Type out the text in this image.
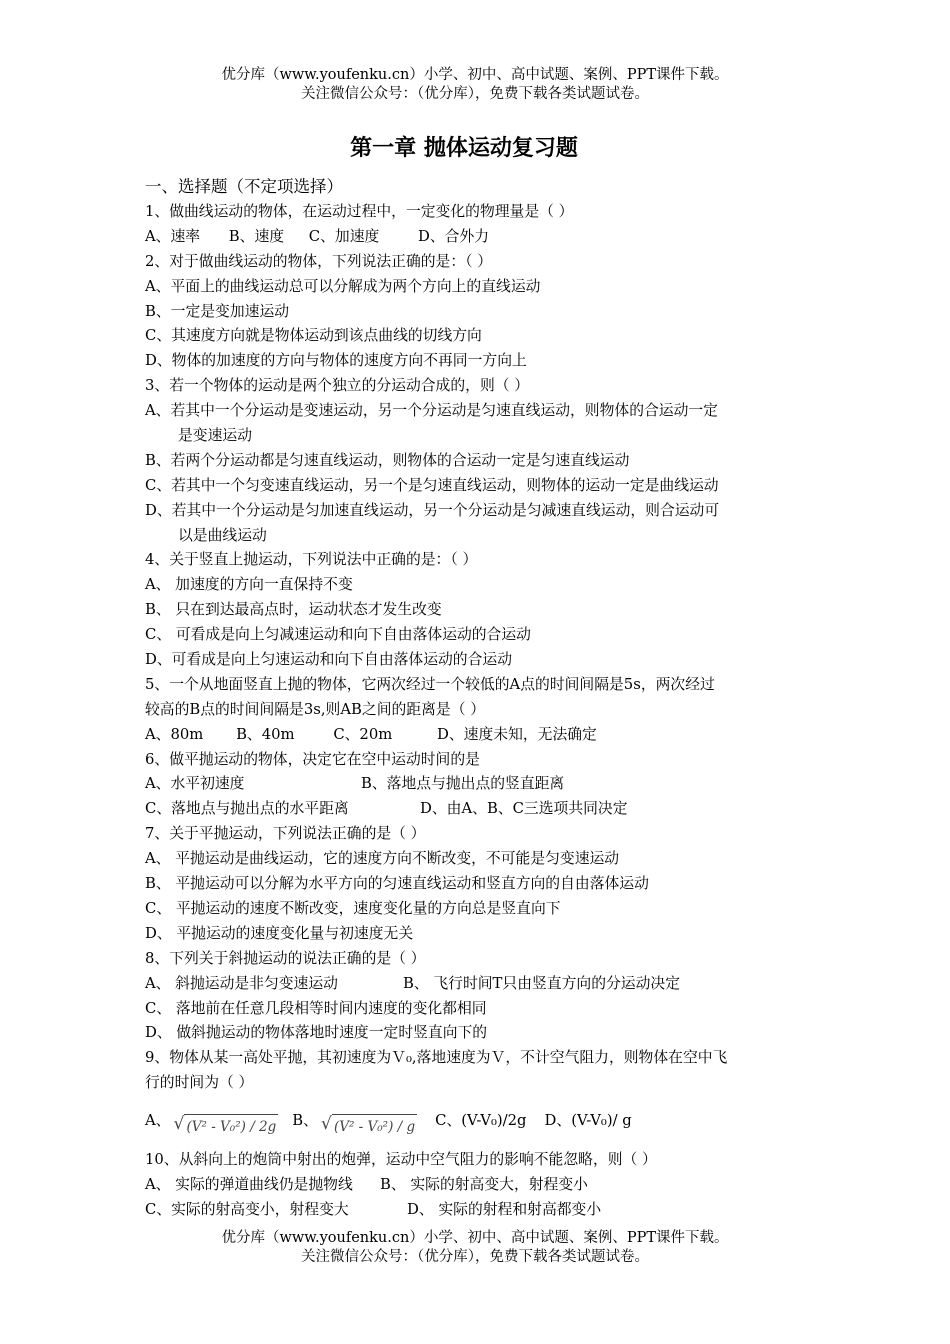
优分库（www.youfenku.cn）小学、初中、高中试题、案例、PPT课件下载。
关注微信公众号：（优分库），免费下载各类试题试卷。
第一章 抛体运动复习题
一、选择题（不定项选择）
1、做曲线运动的物体，在运动过程中，一定变化的物理量是（ ）
A、速率 B、速度 C、加速度	D、合外力
2、对于做曲线运动的物体，下列说法正确的是：（ ）
A、平面上的曲线运动总可以分解成为两个方向上的直线运动
B、一定是变加速运动
C、其速度方向就是物体运动到该点曲线的切线方向
D、物体的加速度的方向与物体的速度方向不再同一方向上
3、若一个物体的运动是两个独立的分运动合成的，则（ ）
A、若其中一个分运动是变速运动，另一个分运动是匀速直线运动，则物体的合运动一定
是变速运动
B、若两个分运动都是匀速直线运动，则物体的合运动一定是匀速直线运动
C、若其中一个匀变速直线运动，另一个是匀速直线运动，则物体的运动一定是曲线运动
D、若其中一个分运动是匀加速直线运动，另一个分运动是匀减速直线运动，则合运动可
以是曲线运动
4、关于竖直上抛运动，下列说法中正确的是：（ ）
A、 加速度的方向一直保持不变
B、 只在到达最高点时，运动状态才发生改变
C、 可看成是向上匀减速运动和向下自由落体运动的合运动
D、可看成是向上匀速运动和向下自由落体运动的合运动
5、一个从地面竖直上抛的物体，它两次经过一个较低的A点的时间间隔是5s，两次经过
较高的B点的时间间隔是3s,则AB之间的距离是（ ）
A、80m B、40m	C、20m	D、速度未知，无法确定
6、做平抛运动的物体，决定它在空中运动时间的是
A、水平初速度	B、落地点与抛出点的竖直距离
C、落地点与抛出点的水平距离	D、由A、B、C三选项共同决定
7、关于平抛运动，下列说法正确的是（ ）
A、 平抛运动是曲线运动，它的速度方向不断改变，不可能是匀变速运动
B、 平抛运动可以分解为水平方向的匀速直线运动和竖直方向的自由落体运动
C、 平抛运动的速度不断改变，速度变化量的方向总是竖直向下
D、 平抛运动的速度变化量与初速度无关
8、下列关于斜抛运动的说法正确的是（ ）
A、 斜抛运动是非匀变速运动	B、 飞行时间T只由竖直方向的分运动决定
C、 落地前在任意几段相等时间内速度的变化都相同
D、 做斜抛运动的物体落地时速度一定时竖直向下的
9、物体从某一高处平抛，其初速度为Ｖ₀,落地速度为Ｖ，不计空气阻力，则物体在空中飞
行的时间为（ ）
A、 √ (V² - V₀²) / 2g B、 √ (V² - V₀²) / g C、(V-V₀)/2g D、(V-V₀)/ g
10、从斜向上的炮筒中射出的炮弹，运动中空气阻力的影响不能忽略，则（ ）
A、 实际的弹道曲线仍是抛物线 B、 实际的射高变大，射程变小
C、实际的射高变小，射程变大	D、 实际的射程和射高都变小
优分库（www.youfenku.cn）小学、初中、高中试题、案例、PPT课件下载。
关注微信公众号：（优分库），免费下载各类试题试卷。
